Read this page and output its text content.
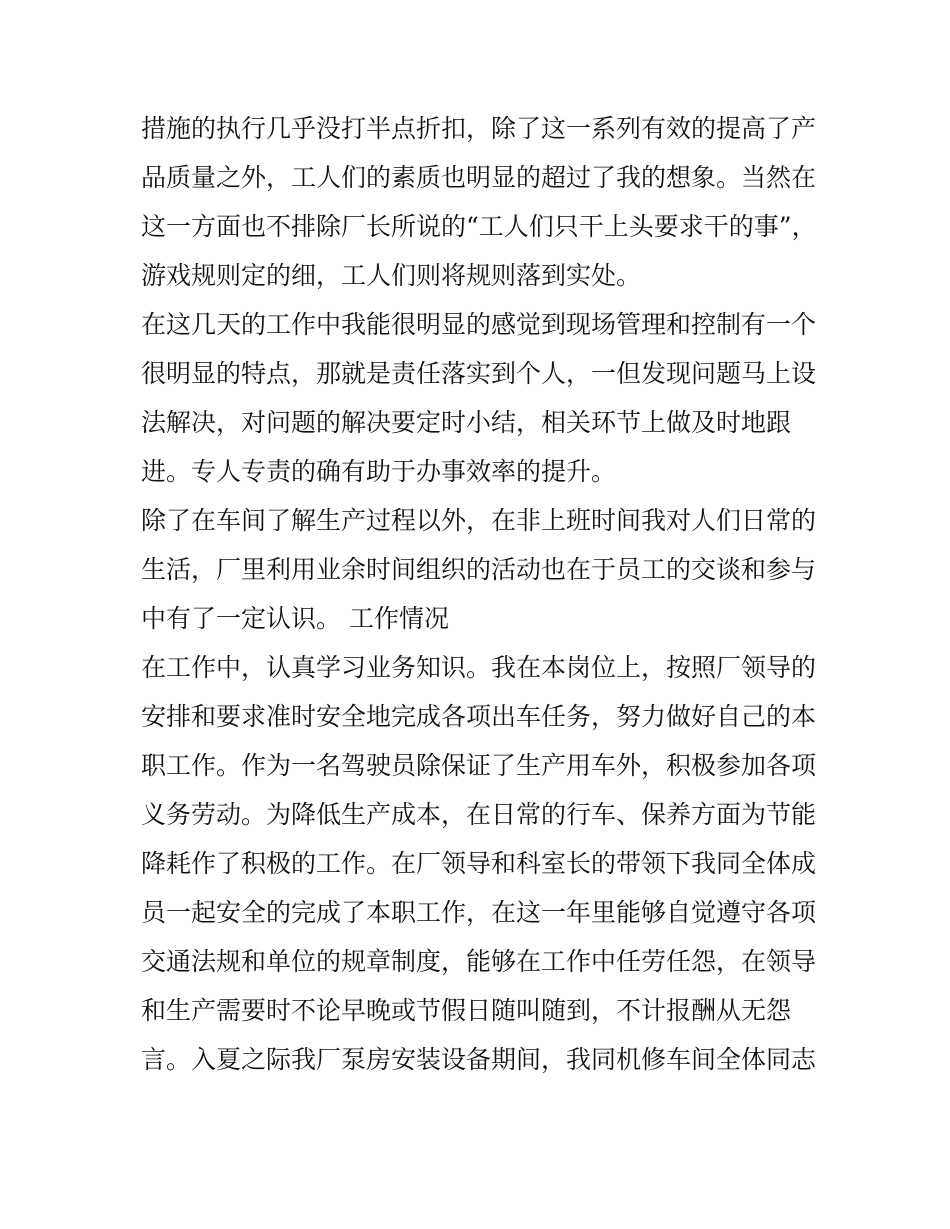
措施的执行几乎没打半点折扣，除了这一系列有效的提高了产
品质量之外，工人们的素质也明显的超过了我的想象。当然在
这一方面也不排除厂长所说的“工人们只干上头要求干的事”，
游戏规则定的细，工人们则将规则落到实处。
在这几天的工作中我能很明显的感觉到现场管理和控制有一个
很明显的特点，那就是责任落实到个人，一但发现问题马上设
法解决，对问题的解决要定时小结，相关环节上做及时地跟
进。专人专责的确有助于办事效率的提升。
除了在车间了解生产过程以外，在非上班时间我对人们日常的
生活，厂里利用业余时间组织的活动也在于员工的交谈和参与
中有了一定认识。 工作情况
在工作中，认真学习业务知识。我在本岗位上，按照厂领导的
安排和要求准时安全地完成各项出车任务，努力做好自己的本
职工作。作为一名驾驶员除保证了生产用车外，积极参加各项
义务劳动。为降低生产成本，在日常的行车、保养方面为节能
降耗作了积极的工作。在厂领导和科室长的带领下我同全体成
员一起安全的完成了本职工作，在这一年里能够自觉遵守各项
交通法规和单位的规章制度，能够在工作中任劳任怨，在领导
和生产需要时不论早晚或节假日随叫随到，不计报酬从无怨
言。入夏之际我厂泵房安装设备期间，我同机修车间全体同志
